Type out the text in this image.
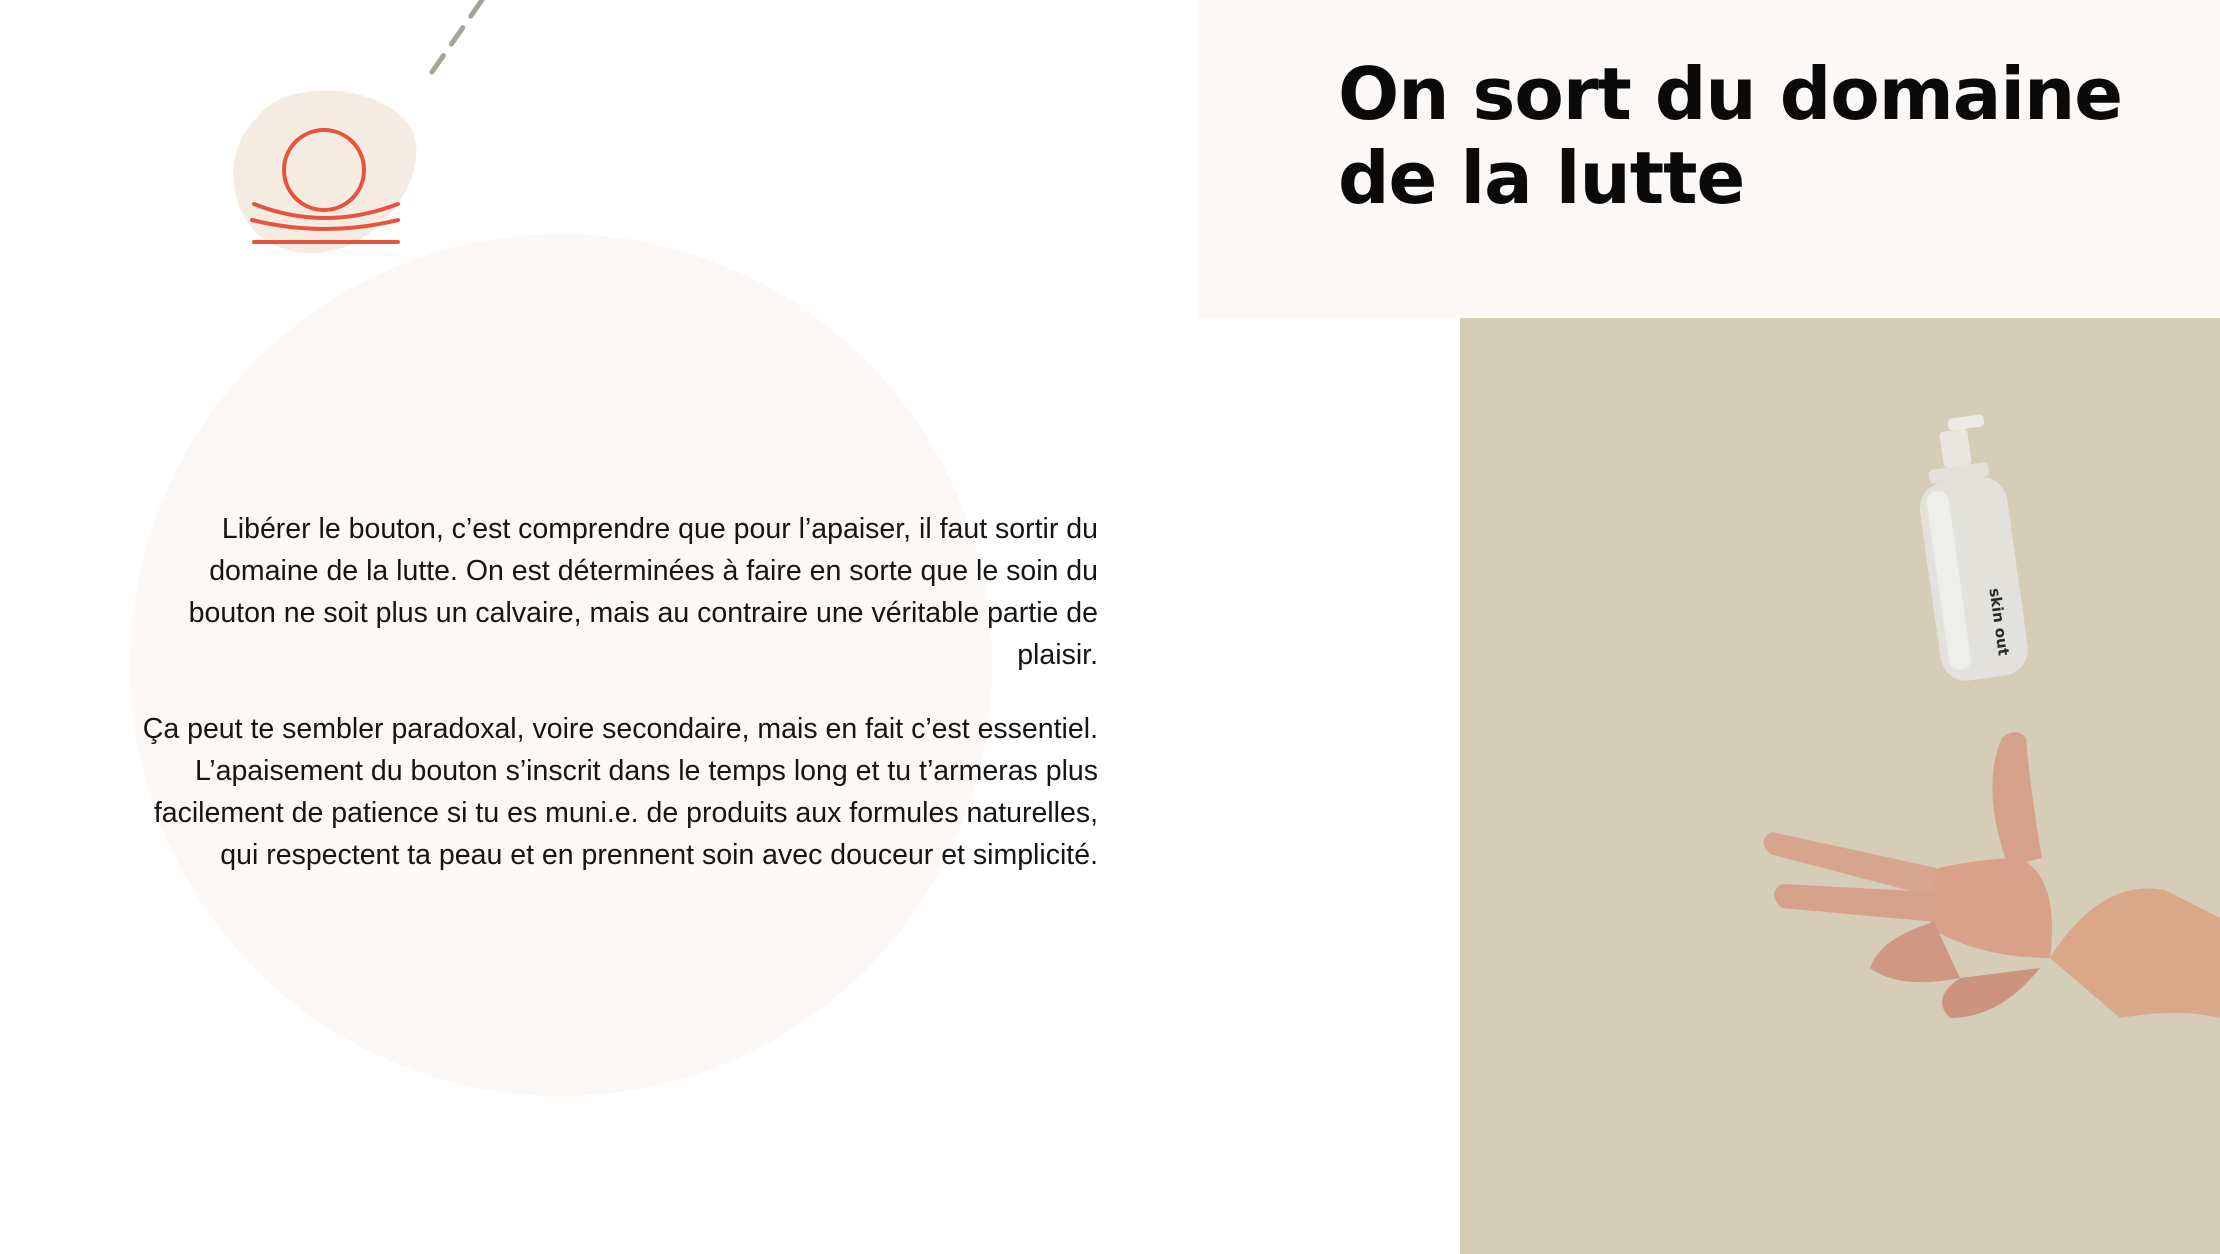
On sort du domaine de la lutte

Libérer le bouton, c’est comprendre que pour l’apaiser, il faut sortir du domaine de la lutte. On est déterminées à faire en sorte que le soin du bouton ne soit plus un calvaire, mais au contraire une véritable partie de plaisir.

Ça peut te sembler paradoxal, voire secondaire, mais en fait c’est essentiel. L’apaisement du bouton s’inscrit dans le temps long et tu t’armeras plus facilement de patience si tu es muni.e. de produits aux formules naturelles, qui respectent ta peau et en prennent soin avec douceur et simplicité.

skin out
